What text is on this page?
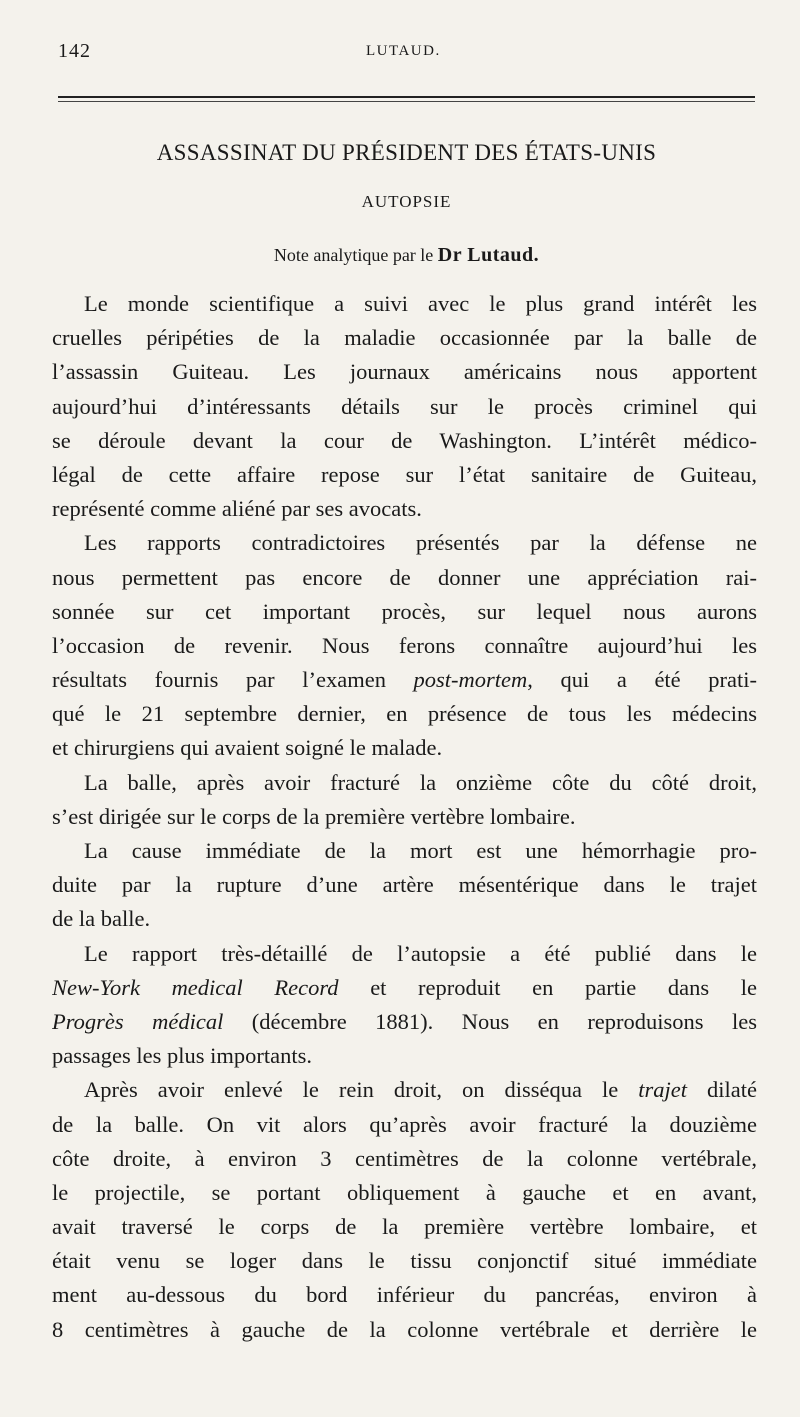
142	LUTAUD.
ASSASSINAT DU PRÉSIDENT DES ÉTATS-UNIS
AUTOPSIE
Note analytique par le Dr Lutaud.
Le monde scientifique a suivi avec le plus grand intérêt les
cruelles péripéties de la maladie occasionnée par la balle de
l’assassin Guiteau. Les journaux américains nous apportent
aujourd’hui d’intéressants détails sur le procès criminel qui
se déroule devant la cour de Washington. L’intérêt médico-
légal de cette affaire repose sur l’état sanitaire de Guiteau,
représenté comme aliéné par ses avocats.
Les rapports contradictoires présentés par la défense ne
nous permettent pas encore de donner une appréciation rai-
sonnée sur cet important procès, sur lequel nous aurons
l’occasion de revenir. Nous ferons connaître aujourd’hui les
résultats fournis par l’examen post-mortem, qui a été prati-
qué le 21 septembre dernier, en présence de tous les médecins
et chirurgiens qui avaient soigné le malade.
La balle, après avoir fracturé la onzième côte du côté droit,
s’est dirigée sur le corps de la première vertèbre lombaire.
La cause immédiate de la mort est une hémorrhagie pro-
duite par la rupture d’une artère mésentérique dans le trajet
de la balle.
Le rapport très-détaillé de l’autopsie a été publié dans le
New-York medical Record et reproduit en partie dans le
Progrès médical (décembre 1881). Nous en reproduisons les
passages les plus importants.
Après avoir enlevé le rein droit, on disséqua le trajet dilaté
de la balle. On vit alors qu’après avoir fracturé la douzième
côte droite, à environ 3 centimètres de la colonne vertébrale,
le projectile, se portant obliquement à gauche et en avant,
avait traversé le corps de la première vertèbre lombaire, et
était venu se loger dans le tissu conjonctif situé immédiate
ment au-dessous du bord inférieur du pancréas, environ à
8 centimètres à gauche de la colonne vertébrale et derrière le
